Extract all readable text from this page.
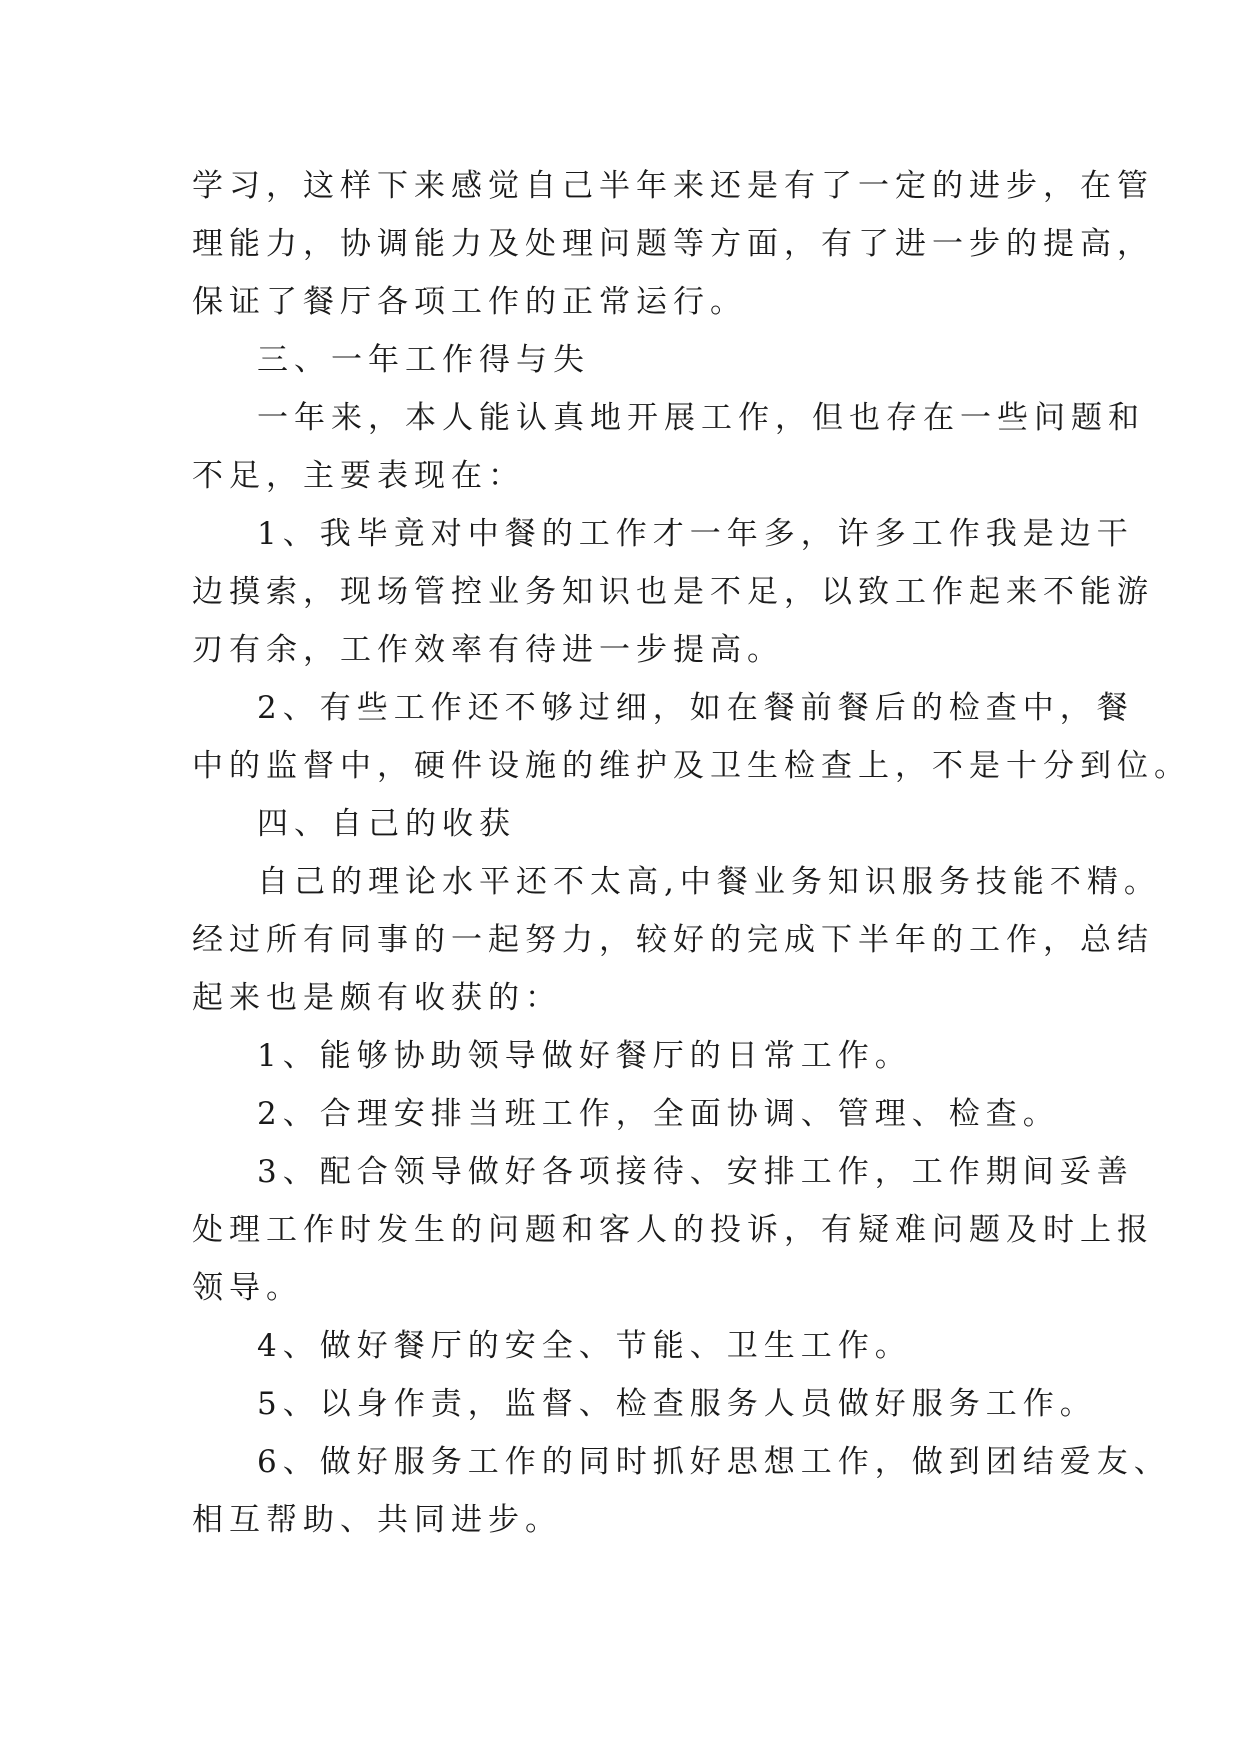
学习，这样下来感觉自己半年来还是有了一定的进步，在管
理能力，协调能力及处理问题等方面，有了进一步的提高，
保证了餐厅各项工作的正常运行。
三、一年工作得与失
一年来，本人能认真地开展工作，但也存在一些问题和
不足，主要表现在：
1、我毕竟对中餐的工作才一年多，许多工作我是边干
边摸索，现场管控业务知识也是不足，以致工作起来不能游
刃有余，工作效率有待进一步提高。
2、有些工作还不够过细，如在餐前餐后的检查中，餐
中的监督中，硬件设施的维护及卫生检查上，不是十分到位。
四、自己的收获
自己的理论水平还不太高,中餐业务知识服务技能不精。
经过所有同事的一起努力，较好的完成下半年的工作，总结
起来也是颇有收获的：
1、能够协助领导做好餐厅的日常工作。
2、合理安排当班工作，全面协调、管理、检查。
3、配合领导做好各项接待、安排工作，工作期间妥善
处理工作时发生的问题和客人的投诉，有疑难问题及时上报
领导。
4、做好餐厅的安全、节能、卫生工作。
5、以身作责，监督、检查服务人员做好服务工作。
6、做好服务工作的同时抓好思想工作，做到团结爱友、
相互帮助、共同进步。
